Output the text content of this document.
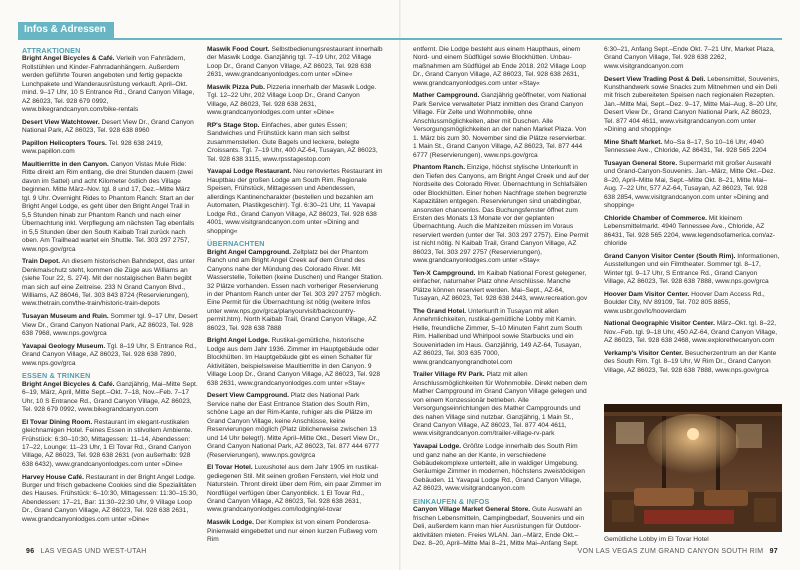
Infos & Adressen
ATTRAKTIONEN
Bright Angel Bicycles & Café. Verleih von Fahrrädern, Rollstühlen und Kinder-Fahrradanhängern. Außerdem werden geführte Touren angeboten und fertig gepackte Lunchpakete und Wanderausrüstung verkauft. April–Okt. mind. 9–17 Uhr, 10 S Entrance Rd., Grand Canyon Village, AZ 86023, Tel. 928 679 0992, www.bikegrandcanyon.com/bike-rentals
Desert View Watchtower. Desert View Dr., Grand Canyon National Park, AZ 86023, Tel. 928 638 8960
Papillon Helicopters Tours. Tel. 928 638 2419, www.papillon.com
Maultierritte in den Canyon. Canyon Vistas Mule Ride: Ritte direkt am Rim entlang, die drei Stunden dauern (zwei davon im Sattel) und acht Kilometer östlich des Village beginnen. Mitte März–Nov. tgl. 8 und 17, Dez.–Mitte März tgl. 9 Uhr. Overnight Rides to Phantom Ranch: Start an der Bright Angel Lodge, es geht über den Bright Angel Trail in 5,5 Stunden hinab zur Phantom Ranch und nach einer Übernachtung inkl. Verpflegung am nächsten Tag ebenfalls in 5,5 Stunden über den South Kaibab Trail zurück nach oben. Am Trailhead wartet ein Shuttle. Tel. 303 297 2757, www.nps.gov/grca
Train Depot. An diesem historischen Bahndepot, das unter Denkmalschutz steht, kommen die Züge aus Williams an (siehe Tour 22, S. 274). Mit der nostalgischen Bahn begibt man sich auf eine Zeitreise. 233 N Grand Canyon Blvd., Williams, AZ 86046, Tel. 303 843 8724 (Reservierungen), www.thetrain.com/the-train/historic-train-depots
Tusayan Museum and Ruin. Sommer tgl. 9–17 Uhr, Desert View Dr., Grand Canyon National Park, AZ 86023, Tel. 928 638 7968, www.nps.gov/grca
Yavapai Geology Museum. Tgl. 8–19 Uhr, S Entrance Rd., Grand Canyon Village, AZ 86023, Tel. 928 638 7890, www.nps.gov/grca
ESSEN & TRINKEN
Bright Angel Bicycles & Café. Ganzjährig, Mai–Mitte Sept. 6–19, März, April, Mitte Sept.–Okt. 7–18, Nov.–Feb. 7–17 Uhr, 10 S Entrance Rd., Grand Canyon Village, AZ 86023, Tel. 928 679 0992, www.bikegrandcanyon.com
El Tovar Dining Room. Restaurant im elegant-rustikalen gleichnamigen Hotel. Feines Essen in stilvollem Ambiente. Frühstück: 6:30–10:30, Mittagessen: 11–14, Abendessen: 17–22, Lounge: 11–23 Uhr, 1 El Tovar Rd., Grand Canyon Village, AZ 86023, Tel. 928 638 2631 (von außerhalb: 928 638 6432), www.grandcanyonlodges.com unter »Dine«
Harvey House Café. Restaurant in der Bright Angel Lodge. Burger und frisch gebackene Cookies sind die Spezialitäten des Hauses. Frühstück: 6–10:30, Mittagessen: 11:30–15:30, Abendessen: 17–21, Bar: 11:30–22:30 Uhr, 9 Village Loop Dr., Grand Canyon Village, AZ 86023, Tel. 928 638 2631, www.grandcanyonlodges.com unter »Dine«
Maswik Food Court. Selbstbedienungsrestaurant innerhalb der Maswik Lodge. Ganzjährig tgl. 7–19 Uhr, 202 Village Loop Dr., Grand Canyon Village, AZ 86023, Tel. 928 638 2631, www.grandcanyonlodges.com unter »Dine«
Maswik Pizza Pub. Pizzeria innerhalb der Maswik Lodge. Tgl. 12–22 Uhr, 202 Village Loop Dr., Grand Canyon Village, AZ 86023, Tel. 928 638 2631, www.grandcanyonlodges.com unter »Dine«
RP's Stage Stop. Einfaches, aber gutes Essen; Sandwiches und Frühstück kann man sich selbst zusammenstellen. Gute Bagels und leckere, belegte Croissants. Tgl. 7–19 Uhr, 400 AZ-64, Tusayan, AZ 86023, Tel. 928 638 3115, www.rpsstagestop.com
Yavapai Lodge Restaurant. Neu renoviertes Restaurant im Hauptbau der großen Lodge am South Rim. Regionale Speisen, Frühstück, Mittagessen und Abendessen, allerdings Kantinencharakter (bestellen und bezahlen am Automaten, Plastikgeschirr). Tgl. 6:30–21 Uhr, 11 Yavapai Lodge Rd., Grand Canyon Village, AZ 86023, Tel. 928 638 4001, www.visitgrandcanyon.com unter »Dining and shopping«
ÜBERNACHTEN
Bright Angel Campground. Zeltplatz bei der Phantom Ranch und am Bright Angel Creek auf dem Grund des Canyons nahe der Mündung des Colorado River. Mit Wasserstelle, Toiletten (keine Duschen) und Ranger Station. 32 Plätze vorhanden. Essen nach vorheriger Reservierung in der Phantom Ranch unter der Tel. 303 297 2757 möglich. Eine Permit für die Übernachtung ist nötig (weitere Infos unter www.nps.gov/grca/planyourvisit/backcountry-permit.htm). North Kaibab Trail, Grand Canyon Village, AZ 86023, Tel. 928 638 7888
Bright Angel Lodge. Rustikal-gemütliche, historische Lodge aus dem Jahr 1936. Zimmer im Hauptgebäude oder Blockhütten. Im Hauptgebäude gibt es einen Schalter für Aktivitäten, beispielsweise Maultierritte in den Canyon. 9 Village Loop Dr., Grand Canyon Village, AZ 86023, Tel. 928 638 2631, www.grandcanyonlodges.com unter »Stay«
Desert View Campground. Platz des National Park Service nahe der East Entrance Station des South Rim, schöne Lage an der Rim-Kante, ruhiger als die Plätze im Grand Canyon Village, keine Anschlüsse, keine Reservierungen möglich (Platz üblicherweise zwischen 13 und 14 Uhr belegt!). Mitte April–Mitte Okt., Desert View Dr., Grand Canyon National Park, AZ 86023, Tel. 877 444 6777 (Reservierungen), www.nps.gov/grca
El Tovar Hotel. Luxushotel aus dem Jahr 1905 im rustikal-gediegenen Stil. Mit seinen großen Fenstern, viel Holz und Naturstein. Thront direkt über dem Rim, ein paar Zimmer im Nordflügel verfügen über Canyonblick. 1 El Tovar Rd., Grand Canyon Village, AZ 86023, Tel. 928 638 2631, www.grandcanyonlodges.com/lodging/el-tovar
Maswik Lodge. Der Komplex ist von einem Ponderosa-Pinienwald eingebettet und nur einen kurzen Fußweg vom Rim
entfernt. Die Lodge besteht aus einem Haupthaus, einem Nord- und einem Südflügel sowie Blockhütten. Unbau-maßnahmen am Südflügel ab Ende 2018. 202 Village Loop Dr., Grand Canyon Village, AZ 86023, Tel. 928 638 2631, www.grandcanyonlodges.com unter »Stay«
Mather Campground. Ganzjährig geöffneter, vom National Park Service verwalteter Platz inmitten des Grand Canyon Village. Für Zelte und Wohnmobile, ohne Anschlussmöglichkeiten, aber mit Duschen. Alle Versorgungsmöglichkeiten an der nahen Market Plaza. Von 1. März bis zum 30. November sind die Plätze reservierbar. 1 Main St., Grand Canyon Village, AZ 86023, Tel. 877 444 6777 (Reservierungen), www.nps.gov/grca
Phantom Ranch. Einzige, höchst stylische Unterkunft in den Tiefen des Canyons, am Bright Angel Creek und auf der Nordseite des Colorado River. Übernachtung in Schlafsälen oder Blockhütten. Einer hohen Nachfrage stehen begrenzte Kapazitäten entgegen. Reservierungen sind unabdingbar, ansonsten chancenlos. Das Buchungsfenster öffnet zum Ersten des Monats 13 Monate vor der geplanten Übernachtung. Auch die Mahlzeiten müssen im Voraus reserviert werden (unter der Tel. 303 297 2757). Eine Permit ist nicht nötig. N Kaibab Trail, Grand Canyon Village, AZ 86023, Tel. 303 297 2757 (Reservierungen), www.grandcanyonlodges.com unter »Stay«
Ten-X Campground. Im Kaibab National Forest gelegener, einfacher, naturnaher Platz ohne Anschlüsse. Manche Plätze können reserviert werden. Mai–Sept., AZ-64, Tusayan, AZ 86023, Tel. 928 638 2443, www.recreation.gov
The Grand Hotel. Unterkunft in Tusayan mit allen Annehmlichkeiten, rustikal-gemütliche Lobby mit Kamin. Helle, freundliche Zimmer, 5–10 Minuten Fahrt zum South Rim. Hallenbad und Whirlpool sowie Starbucks und ein Souvenirladen im Haus. Ganzjährig, 149 AZ-64, Tusayan, AZ 86023, Tel. 303 635 7000, www.grandcanyongrandhotel.com
Trailer Village RV Park. Platz mit allen Anschlussmöglichkeiten für Wohnmobile. Direkt neben dem Mather Campground im Grand Canyon Village gelegen und von einem Konzessionär betrieben. Alle Versorgungseinrichtungen des Mather Campgrounds und des nahen Village sind nutzbar. Ganzjährig, 1 Main St., Grand Canyon Village, AZ 86023, Tel. 877 404 4611, www.visitgrandcanyon.com/trailer-village-rv-park
Yavapai Lodge. Größte Lodge innerhalb des South Rim und ganz nahe an der Kante, in verschiedene Gebäudekomplexe unterteilt, alle in waldiger Umgebung. Geräumige Zimmer in modernen, höchstens zweistöckigen Gebäuden. 11 Yavapai Lodge Rd., Grand Canyon Village, AZ 86023, www.visitgrandcanyon.com
EINKAUFEN & INFOS
Canyon Village Market General Store. Gute Auswahl an frischen Lebensmitteln, Campingbedarf, Souvenirs und ein Deli, außerdem kann man hier Ausrüstungen für Outdoor-aktivitäten mieten. Freies WLAN. Jan.–März, Ende Okt.–Dez. 8–20, April–Mitte Mai 8–21, Mitte Mai–Anfang Sept.
6:30–21, Anfang Sept.–Ende Okt. 7–21 Uhr, Market Plaza, Grand Canyon Village, Tel. 928 638 2262, www.visitgrandcanyon.com
Desert View Trading Post & Deli. Lebensmittel, Souvenirs, Kunsthandwerk sowie Snacks zum Mitnehmen und ein Deli mit frisch zubereiteten Speisen nach regionalen Rezepten. Jan.–Mitte Mai, Sept.–Dez. 9–17, Mitte Mai–Aug. 8–20 Uhr, Desert View Dr., Grand Canyon National Park, AZ 86023, Tel. 877 404 4611, www.visitgrandcanyon.com unter »Dining and shopping«
Mine Shaft Market. Mo–Sa 8–17, So 10–16 Uhr, 4940 Tennessee Ave., Chloride, AZ 86431, Tel. 928 565 2204
Tusayan General Store. Supermarkt mit großer Auswahl und Grand-Canyon-Souvenirs. Jan.–März, Mitte Okt.–Dez. 8–20, April–Mitte Mai, Sept.–Mitte Okt. 8–21, Mitte Mai–Aug. 7–22 Uhr, 577 AZ-64, Tusayan, AZ 86023, Tel. 928 638 2854, www.visitgrandcanyon.com unter »Dining and shopping«
Chloride Chamber of Commerce. Mit kleinem Lebensmittelmarkt. 4940 Tennessee Ave., Chloride, AZ 86431, Tel. 928 565 2204, www.legendsofamerica.com/az-chloride
Grand Canyon Visitor Center (South Rim). Informationen, Ausstellungen und ein Filmtheater. Sommer tgl. 8–17, Winter tgl. 9–17 Uhr, S Entrance Rd., Grand Canyon Village, AZ 86023, Tel. 928 638 7888, www.nps.gov/grca
Hoover Dam Visitor Center. Hoover Dam Access Rd., Boulder City, NV 89109, Tel. 702 805 8855, www.usbr.gov/lc/hooverdam
National Geographic Visitor Center. März–Okt. tgl. 8–22, Nov.–Feb. tgl. 9–18 Uhr, 450 AZ-64, Grand Canyon Village, AZ 86023, Tel. 928 638 2468, www.explorethecanyon.com
Verkamp's Visitor Center. Besucherzentrum an der Kante des South Rim. Tgl. 8–19 Uhr, W Rim Dr., Grand Canyon Village, AZ 86023, Tel. 928 638 7888, www.nps.gov/grca
Gemütliche Lobby im El Tovar Hotel
96 LAS VEGAS UND WEST-UTAH	VON LAS VEGAS ZUM GRAND CANYON SOUTH RIM 97
